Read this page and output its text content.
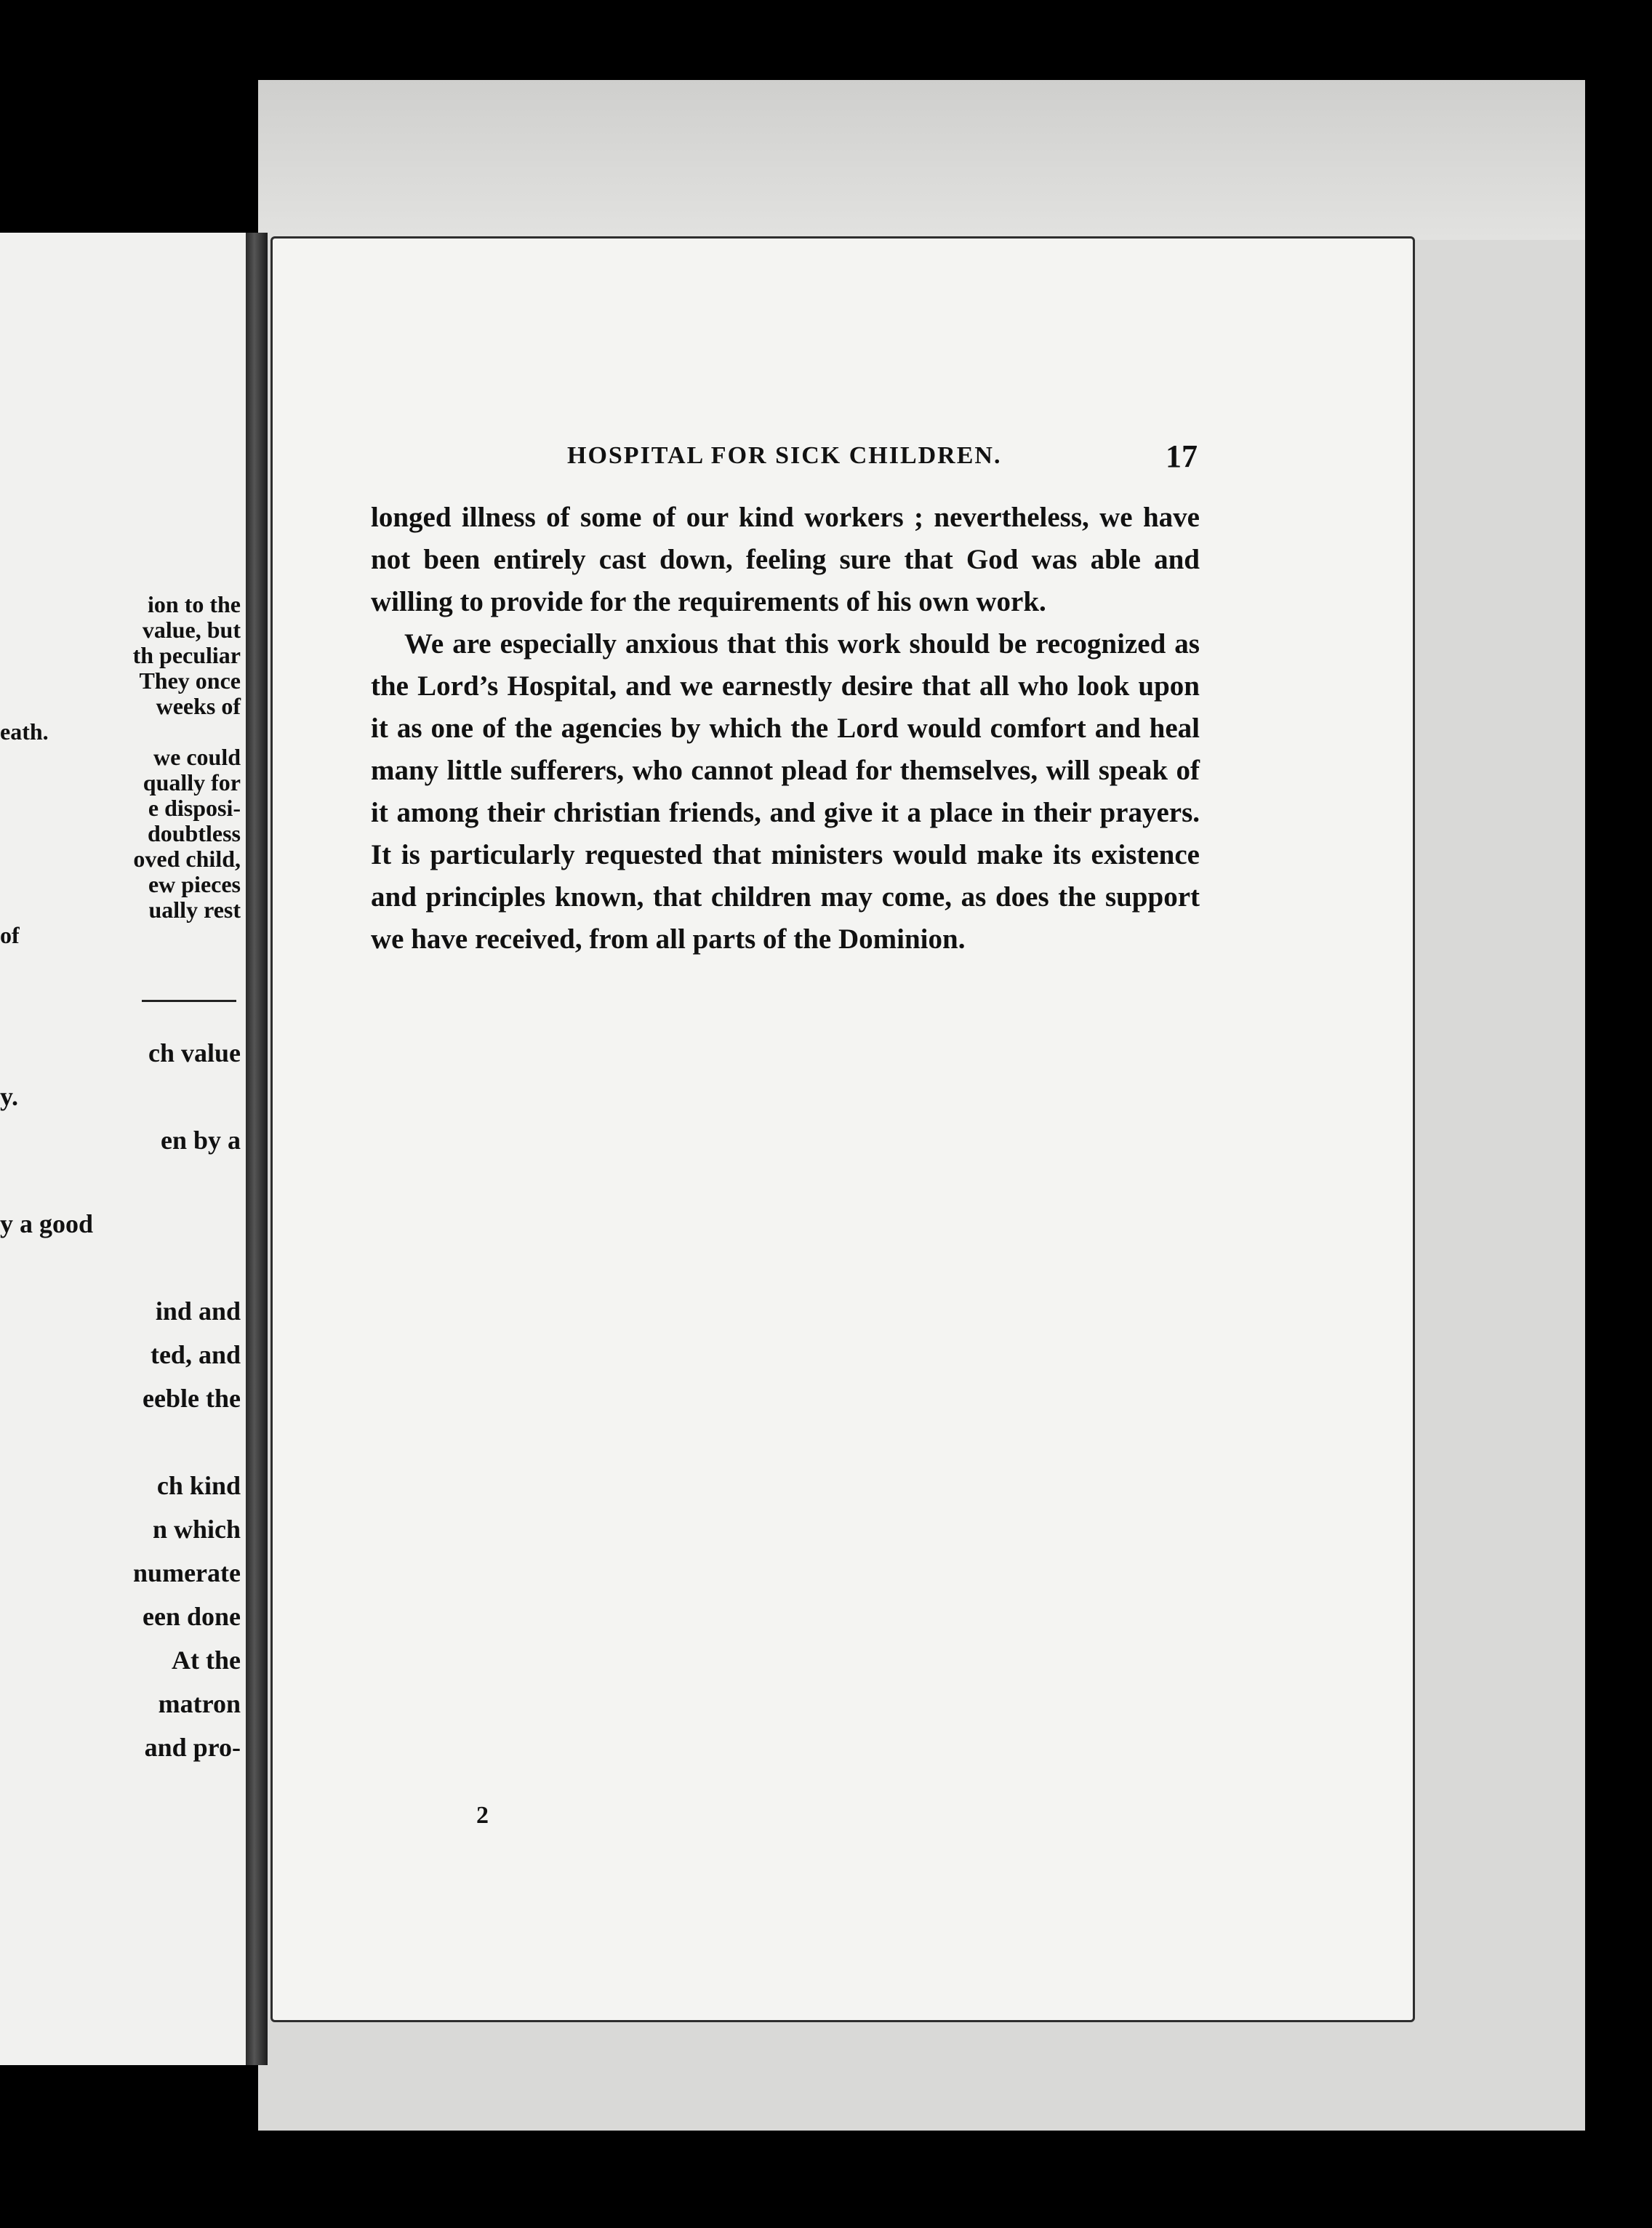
ion to the
value, but
th peculiar
They once
weeks of
eath.
we could
qually for
e disposi-
doubtless
oved child,
ew pieces
ually rest
of
ch value
y.
en by a
y a good
ind and
ted, and
eeble the
ch kind
n which
numerate
een done
At the
matron
and pro-
HOSPITAL FOR SICK CHILDREN.	17

longed illness of some of our kind workers ; nevertheless, we have not been entirely cast down, feeling sure that God was able and willing to provide for the requirements of his own work.

We are especially anxious that this work should be recognized as the Lord’s Hospital, and we earnestly desire that all who look upon it as one of the agencies by which the Lord would comfort and heal many little sufferers, who cannot plead for themselves, will speak of it among their christian friends, and give it a place in their prayers. It is particularly requested that ministers would make its existence and principles known, that children may come, as does the support we have received, from all parts of the Dominion.

2
